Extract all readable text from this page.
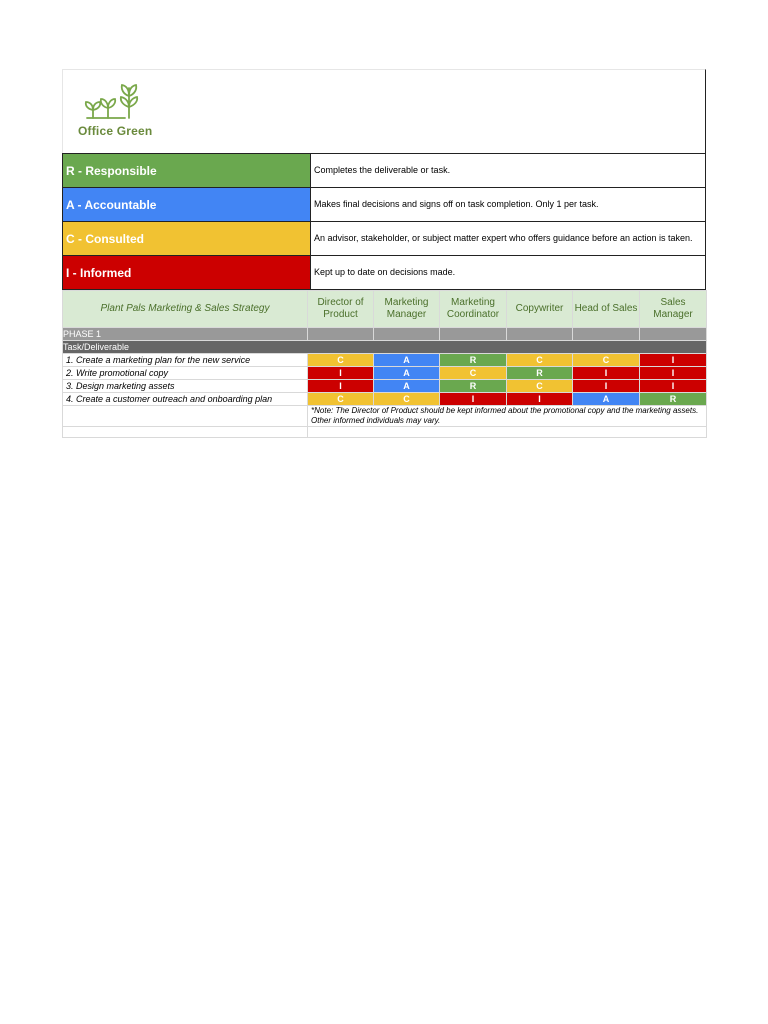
Office Green
R - Responsible	Completes the deliverable or task.
A - Accountable	Makes final decisions and signs off on task completion. Only 1 per task.
C - Consulted	An advisor, stakeholder, or subject matter expert who offers guidance before an action is taken.
I - Informed	Kept up to date on decisions made.
Plant Pals Marketing & Sales Strategy	Director of Product	Marketing Manager	Marketing Coordinator	Copywriter	Head of Sales	Sales Manager
PHASE 1						
Task/Deliverable						
1. Create a marketing plan for the new service	C	A	R	C	C	I
2. Write promotional copy	I	A	C	R	I	I
3. Design marketing assets	I	A	R	C	I	I
4. Create a customer outreach and onboarding plan	C	C	I	I	A	R
	*Note: The Director of Product should be kept informed about the promotional copy and the marketing assets. Other informed individuals may vary.					
